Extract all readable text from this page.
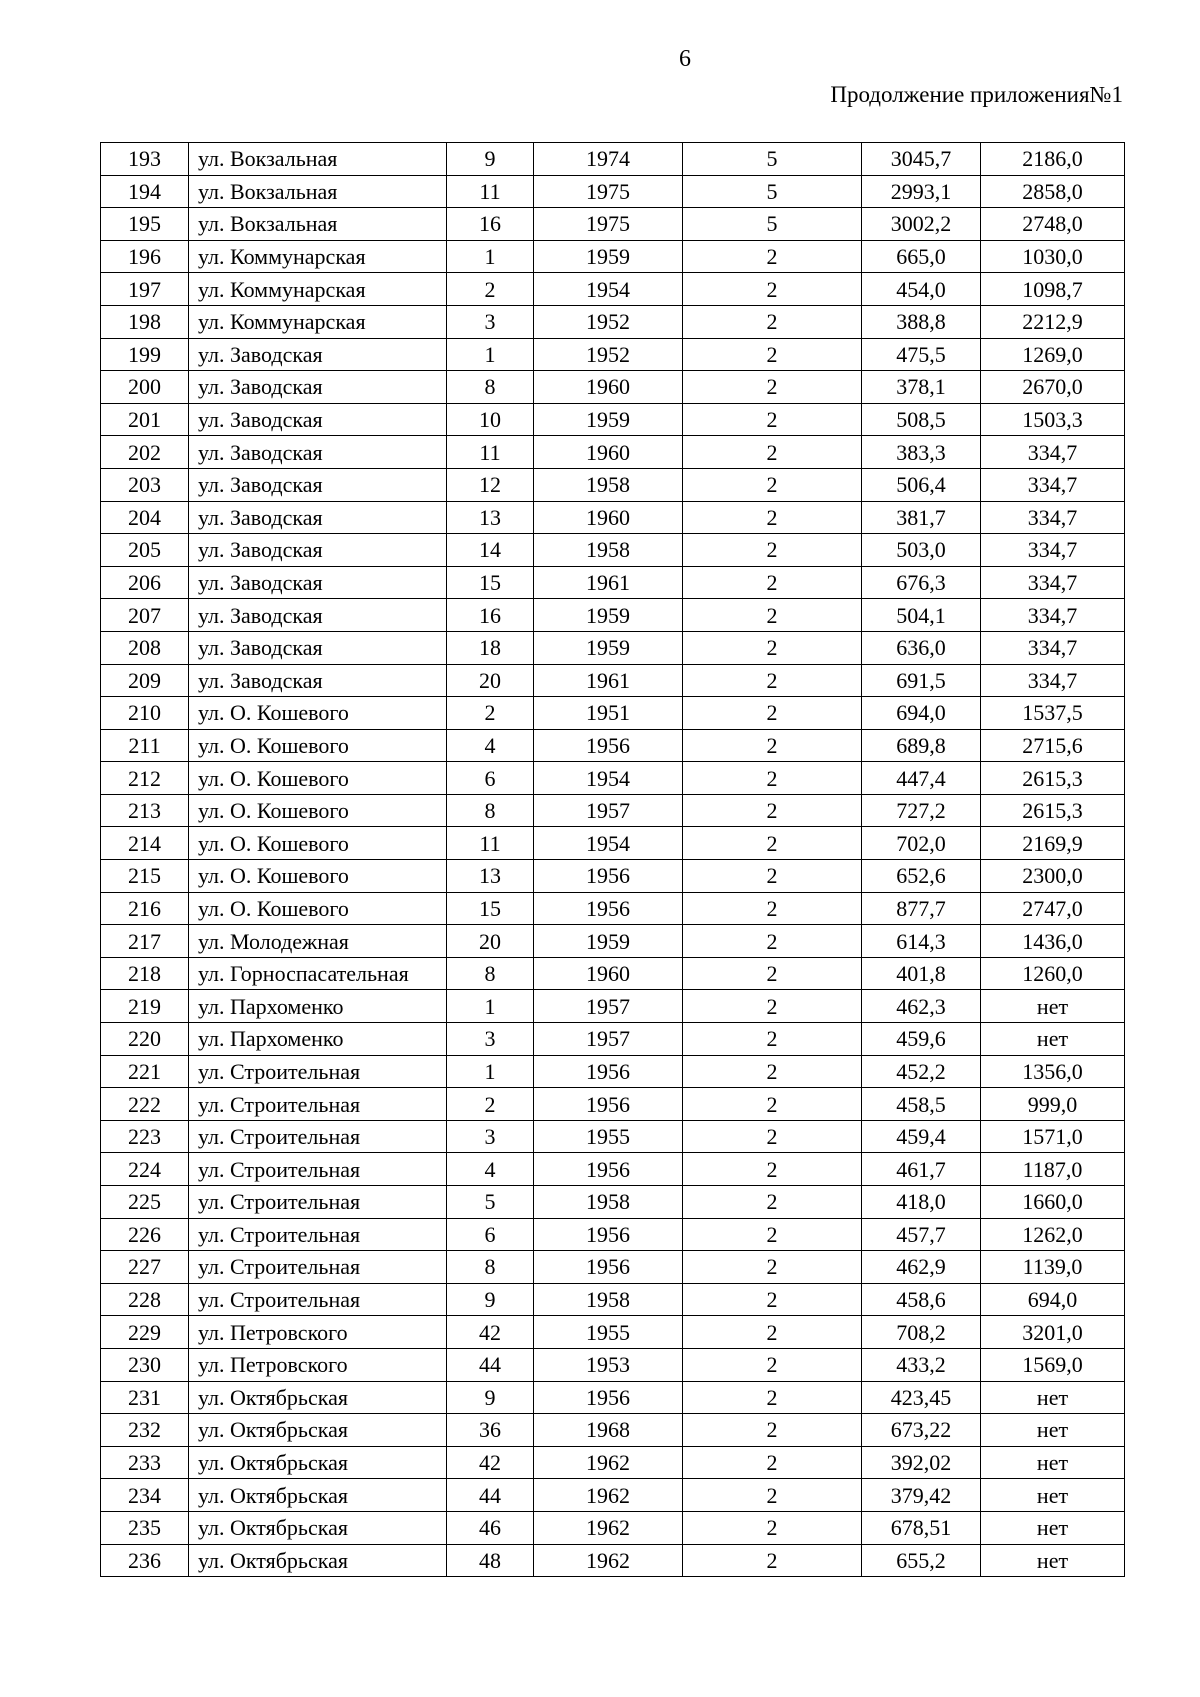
6
Продолжение приложения№1
193	ул. Вокзальная	9	1974	5	3045,7	2186,0
194	ул. Вокзальная	11	1975	5	2993,1	2858,0
195	ул. Вокзальная	16	1975	5	3002,2	2748,0
196	ул. Коммунарская	1	1959	2	665,0	1030,0
197	ул. Коммунарская	2	1954	2	454,0	1098,7
198	ул. Коммунарская	3	1952	2	388,8	2212,9
199	ул. Заводская	1	1952	2	475,5	1269,0
200	ул. Заводская	8	1960	2	378,1	2670,0
201	ул. Заводская	10	1959	2	508,5	1503,3
202	ул. Заводская	11	1960	2	383,3	334,7
203	ул. Заводская	12	1958	2	506,4	334,7
204	ул. Заводская	13	1960	2	381,7	334,7
205	ул. Заводская	14	1958	2	503,0	334,7
206	ул. Заводская	15	1961	2	676,3	334,7
207	ул. Заводская	16	1959	2	504,1	334,7
208	ул. Заводская	18	1959	2	636,0	334,7
209	ул. Заводская	20	1961	2	691,5	334,7
210	ул. О. Кошевого	2	1951	2	694,0	1537,5
211	ул. О. Кошевого	4	1956	2	689,8	2715,6
212	ул. О. Кошевого	6	1954	2	447,4	2615,3
213	ул. О. Кошевого	8	1957	2	727,2	2615,3
214	ул. О. Кошевого	11	1954	2	702,0	2169,9
215	ул. О. Кошевого	13	1956	2	652,6	2300,0
216	ул. О. Кошевого	15	1956	2	877,7	2747,0
217	ул. Молодежная	20	1959	2	614,3	1436,0
218	ул. Горноспасательная	8	1960	2	401,8	1260,0
219	ул. Пархоменко	1	1957	2	462,3	нет
220	ул. Пархоменко	3	1957	2	459,6	нет
221	ул. Строительная	1	1956	2	452,2	1356,0
222	ул. Строительная	2	1956	2	458,5	999,0
223	ул. Строительная	3	1955	2	459,4	1571,0
224	ул. Строительная	4	1956	2	461,7	1187,0
225	ул. Строительная	5	1958	2	418,0	1660,0
226	ул. Строительная	6	1956	2	457,7	1262,0
227	ул. Строительная	8	1956	2	462,9	1139,0
228	ул. Строительная	9	1958	2	458,6	694,0
229	ул. Петровского	42	1955	2	708,2	3201,0
230	ул. Петровского	44	1953	2	433,2	1569,0
231	ул. Октябрьская	9	1956	2	423,45	нет
232	ул. Октябрьская	36	1968	2	673,22	нет
233	ул. Октябрьская	42	1962	2	392,02	нет
234	ул. Октябрьская	44	1962	2	379,42	нет
235	ул. Октябрьская	46	1962	2	678,51	нет
236	ул. Октябрьская	48	1962	2	655,2	нет
